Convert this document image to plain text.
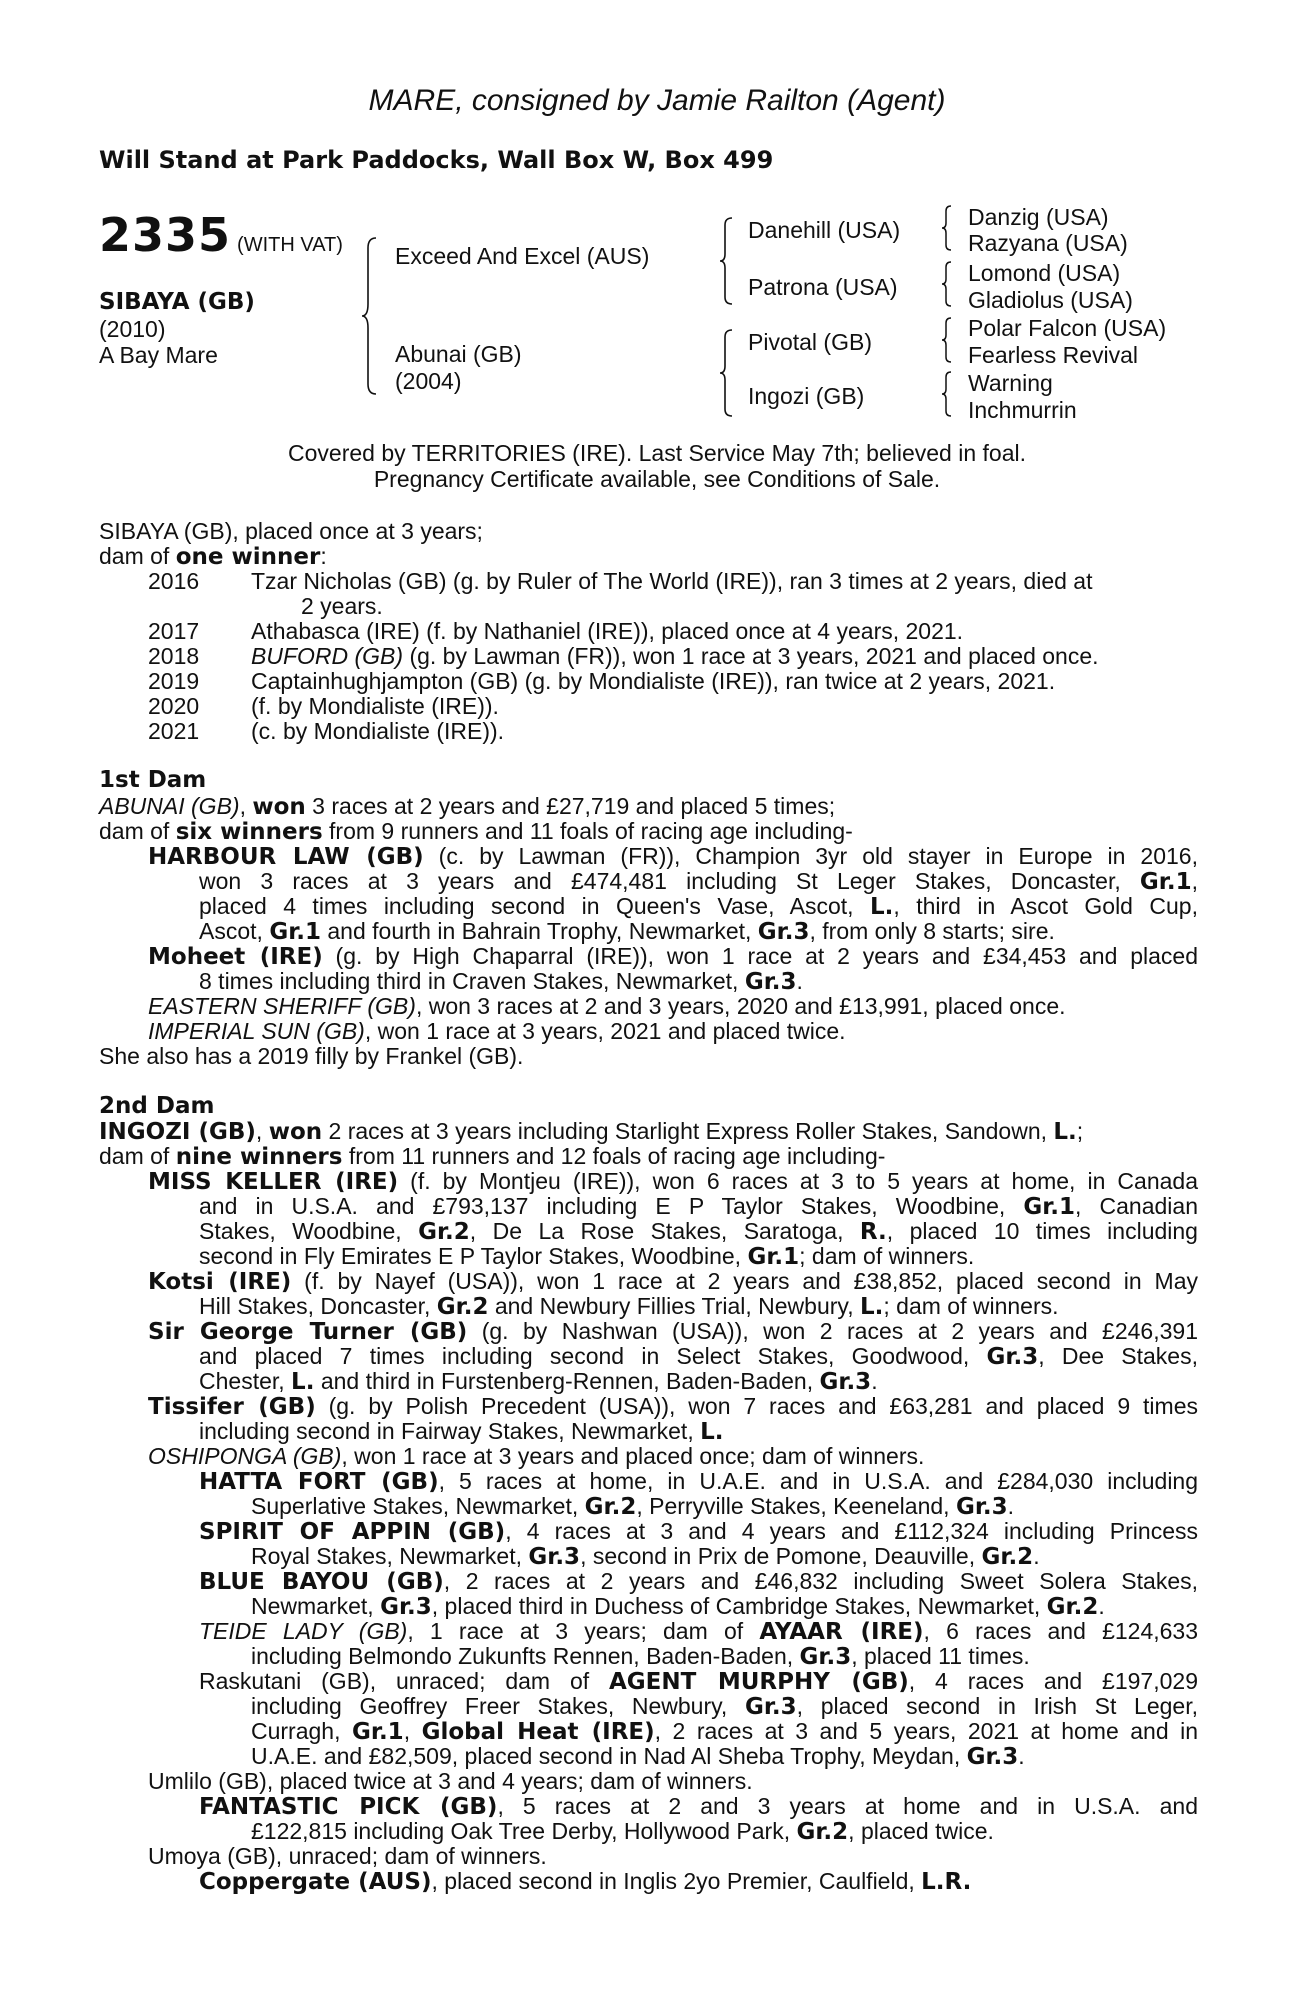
MARE, consigned by Jamie Railton (Agent)
Will Stand at Park Paddocks, Wall Box W, Box 499
2335 (WITH VAT)
SIBAYA (GB)
(2010)
A Bay Mare
Exceed And Excel (AUS)
Abunai (GB)
(2004)
Danehill (USA)
Patrona (USA)
Pivotal (GB)
Ingozi (GB)
Danzig (USA)
Razyana (USA)
Lomond (USA)
Gladiolus (USA)
Polar Falcon (USA)
Fearless Revival
Warning
Inchmurrin
Covered by TERRITORIES (IRE). Last Service May 7th; believed in foal.
Pregnancy Certificate available, see Conditions of Sale.
SIBAYA (GB), placed once at 3 years;
dam of one winner:
2016 Tzar Nicholas (GB) (g. by Ruler of The World (IRE)), ran 3 times at 2 years, died at
2 years.
2017 Athabasca (IRE) (f. by Nathaniel (IRE)), placed once at 4 years, 2021.
2018 BUFORD (GB) (g. by Lawman (FR)), won 1 race at 3 years, 2021 and placed once.
2019 Captainhughjampton (GB) (g. by Mondialiste (IRE)), ran twice at 2 years, 2021.
2020 (f. by Mondialiste (IRE)).
2021 (c. by Mondialiste (IRE)).
1st Dam
ABUNAI (GB), won 3 races at 2 years and £27,719 and placed 5 times;
dam of six winners from 9 runners and 11 foals of racing age including-
HARBOUR LAW (GB) (c. by Lawman (FR)), Champion 3yr old stayer in Europe in 2016,
won 3 races at 3 years and £474,481 including St Leger Stakes, Doncaster, Gr.1,
placed 4 times including second in Queen's Vase, Ascot, L., third in Ascot Gold Cup,
Ascot, Gr.1 and fourth in Bahrain Trophy, Newmarket, Gr.3, from only 8 starts; sire.
Moheet (IRE) (g. by High Chaparral (IRE)), won 1 race at 2 years and £34,453 and placed
8 times including third in Craven Stakes, Newmarket, Gr.3.
EASTERN SHERIFF (GB), won 3 races at 2 and 3 years, 2020 and £13,991, placed once.
IMPERIAL SUN (GB), won 1 race at 3 years, 2021 and placed twice.
She also has a 2019 filly by Frankel (GB).
2nd Dam
INGOZI (GB), won 2 races at 3 years including Starlight Express Roller Stakes, Sandown, L.;
dam of nine winners from 11 runners and 12 foals of racing age including-
MISS KELLER (IRE) (f. by Montjeu (IRE)), won 6 races at 3 to 5 years at home, in Canada
and in U.S.A. and £793,137 including E P Taylor Stakes, Woodbine, Gr.1, Canadian
Stakes, Woodbine, Gr.2, De La Rose Stakes, Saratoga, R., placed 10 times including
second in Fly Emirates E P Taylor Stakes, Woodbine, Gr.1; dam of winners.
Kotsi (IRE) (f. by Nayef (USA)), won 1 race at 2 years and £38,852, placed second in May
Hill Stakes, Doncaster, Gr.2 and Newbury Fillies Trial, Newbury, L.; dam of winners.
Sir George Turner (GB) (g. by Nashwan (USA)), won 2 races at 2 years and £246,391
and placed 7 times including second in Select Stakes, Goodwood, Gr.3, Dee Stakes,
Chester, L. and third in Furstenberg-Rennen, Baden-Baden, Gr.3.
Tissifer (GB) (g. by Polish Precedent (USA)), won 7 races and £63,281 and placed 9 times
including second in Fairway Stakes, Newmarket, L.
OSHIPONGA (GB), won 1 race at 3 years and placed once; dam of winners.
HATTA FORT (GB), 5 races at home, in U.A.E. and in U.S.A. and £284,030 including
Superlative Stakes, Newmarket, Gr.2, Perryville Stakes, Keeneland, Gr.3.
SPIRIT OF APPIN (GB), 4 races at 3 and 4 years and £112,324 including Princess
Royal Stakes, Newmarket, Gr.3, second in Prix de Pomone, Deauville, Gr.2.
BLUE BAYOU (GB), 2 races at 2 years and £46,832 including Sweet Solera Stakes,
Newmarket, Gr.3, placed third in Duchess of Cambridge Stakes, Newmarket, Gr.2.
TEIDE LADY (GB), 1 race at 3 years; dam of AYAAR (IRE), 6 races and £124,633
including Belmondo Zukunfts Rennen, Baden-Baden, Gr.3, placed 11 times.
Raskutani (GB), unraced; dam of AGENT MURPHY (GB), 4 races and £197,029
including Geoffrey Freer Stakes, Newbury, Gr.3, placed second in Irish St Leger,
Curragh, Gr.1, Global Heat (IRE), 2 races at 3 and 5 years, 2021 at home and in
U.A.E. and £82,509, placed second in Nad Al Sheba Trophy, Meydan, Gr.3.
Umlilo (GB), placed twice at 3 and 4 years; dam of winners.
FANTASTIC PICK (GB), 5 races at 2 and 3 years at home and in U.S.A. and
£122,815 including Oak Tree Derby, Hollywood Park, Gr.2, placed twice.
Umoya (GB), unraced; dam of winners.
Coppergate (AUS), placed second in Inglis 2yo Premier, Caulfield, L.R.
